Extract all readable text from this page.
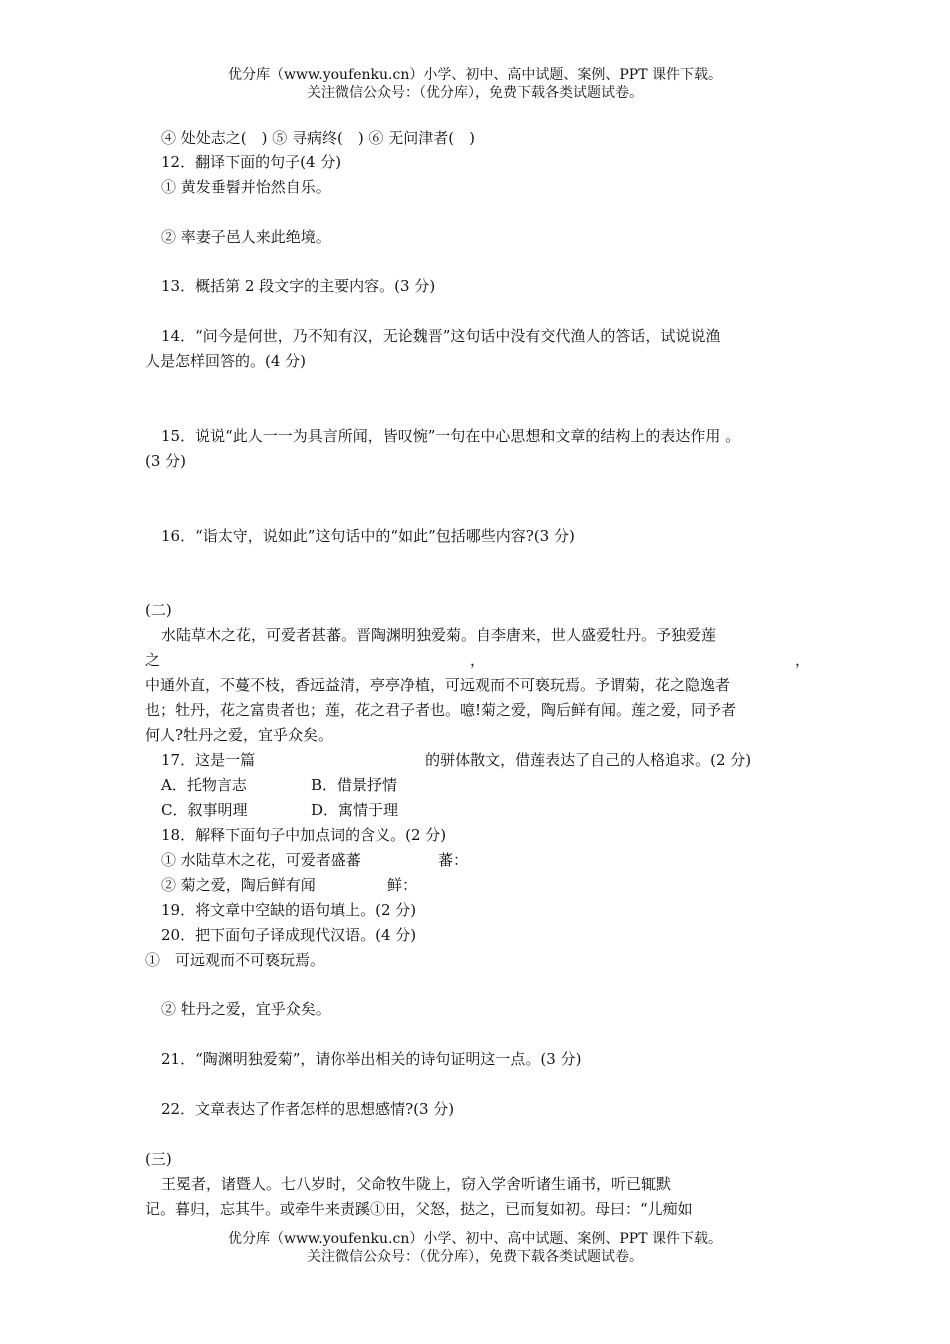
优分库（www.youfenku.cn）小学、初中、高中试题、案例、PPT 课件下载。
关注微信公众号：（优分库），免费下载各类试题试卷。
④ 处处志之(　) ⑤ 寻病终(　) ⑥ 无问津者(　)
12．翻译下面的句子(4 分)
① 黄发垂髫并怡然自乐。
② 率妻子邑人来此绝境。
13．概括第 2 段文字的主要内容。(3 分)
14．“问今是何世，乃不知有汉，无论魏晋”这句话中没有交代渔人的答话，试说说渔
人是怎样回答的。(4 分)
15．说说“此人一一为具言所闻，皆叹惋”一句在中心思想和文章的结构上的表达作用 。
(3 分)
16．“诣太守，说如此”这句话中的“如此”包括哪些内容?(3 分)
(二)
水陆草木之花，可爱者甚蕃。晋陶渊明独爱菊。自李唐来，世人盛爱牡丹。予独爱莲
之	，	，
中通外直，不蔓不枝，香远益清，亭亭净植，可远观而不可亵玩焉。予谓菊，花之隐逸者
也；牡丹，花之富贵者也；莲，花之君子者也。噫!菊之爱，陶后鲜有闻。莲之爱，同予者
何人?牡丹之爱，宜乎众矣。
17．这是一篇	的骈体散文，借莲表达了自己的人格追求。(2 分)
A．托物言志	B．借景抒情
C．叙事明理	D．寓情于理
18．解释下面句子中加点词的含义。(2 分)
① 水陆草木之花，可爱者盛蕃	蕃：
② 菊之爱，陶后鲜有闻	鲜：
19．将文章中空缺的语句填上。(2 分)
20．把下面句子译成现代汉语。(4 分)
①　可远观而不可亵玩焉。
② 牡丹之爱，宜乎众矣。
21．“陶渊明独爱菊”，请你举出相关的诗句证明这一点。(3 分)
22．文章表达了作者怎样的思想感情?(3 分)
(三)
王冕者，诸暨人。七八岁时，父命牧牛陇上，窃入学舍听诸生诵书，听已辄默
记。暮归，忘其牛。或牵牛来责蹊①田，父怒，挞之，已而复如初。母曰：“儿痴如
优分库（www.youfenku.cn）小学、初中、高中试题、案例、PPT 课件下载。
关注微信公众号：（优分库），免费下载各类试题试卷。
